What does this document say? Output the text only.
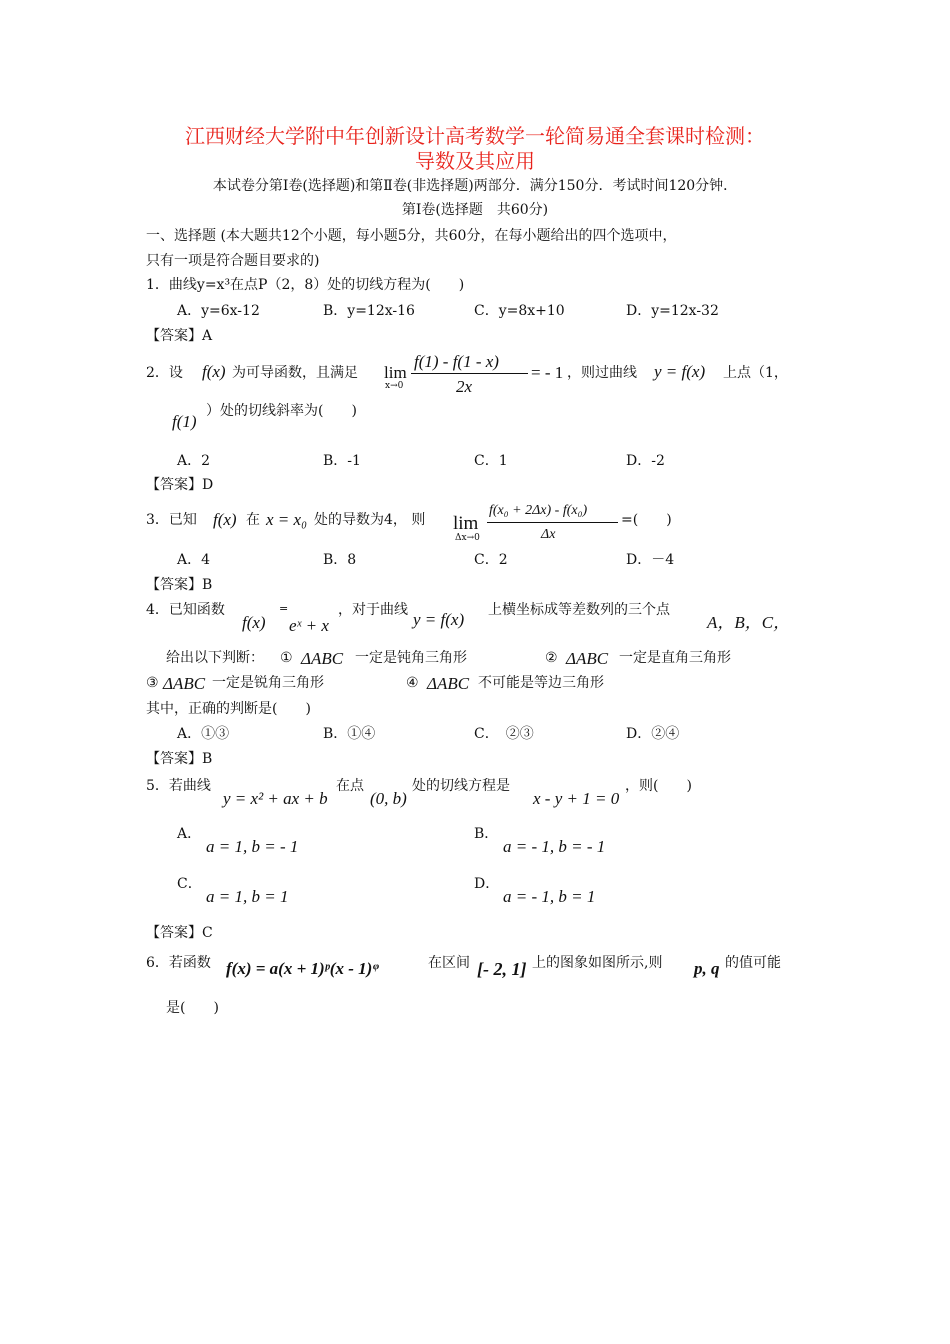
江西财经大学附中年创新设计高考数学一轮简易通全套课时检测：
导数及其应用
本试卷分第Ⅰ卷(选择题)和第Ⅱ卷(非选择题)两部分．满分150分．考试时间120分钟．
第Ⅰ卷(选择题　共60分)
一、选择题 (本大题共12个小题，每小题5分，共60分，在每小题给出的四个选项中，
只有一项是符合题目要求的)
1．曲线y=x³在点P（2，8）处的切线方程为(　　)
A．y=6x-12	B．y=12x-16	C．y=8x+10	D．y=12x-32
【答案】A
2．设 f(x) 为可导函数，且满足 lim
x→0
f(1) - f(1 - x)
2x
= - 1 ，则过曲线 y = f(x) 上点（1，
f(1)
）处的切线斜率为(　　)
A．2	B．-1	C．1	D．-2
【答案】D
3．已知 f(x) 在 x = x₀ 处的导数为4， 则 lim
Δx→0
f(x₀ + 2Δx) - f(x₀)
Δx
=(　　)
A．4	B．8	C．2	D．－4
【答案】B
4．已知函数
f(x)
=
eˣ + x
，对于曲线 y = f(x) 上横坐标成等差数列的三个点
A，B，C，
给出以下判断： ① ΔABC 一定是钝角三角形	② ΔABC 一定是直角三角形
③ ΔABC 一定是锐角三角形	④ ΔABC 不可能是等边三角形
其中，正确的判断是(　　)
A．①③	B．①④	C．　②③	D．②④
【答案】B
5．若曲线
y = x² + ax + b
在点
(0, b)
处的切线方程是
x - y + 1 = 0
，则(　　)
A．
a = 1, b = - 1
B．
a = - 1, b = - 1
C．
a = 1, b = 1
D．
a = - 1, b = 1
【答案】C
6．若函数 f(x) = a(x + 1)ᵖ(x - 1)ᵠ	在区间 [- 2, 1] 上的图象如图所示,则 p, q 的值可能
是(　　)
